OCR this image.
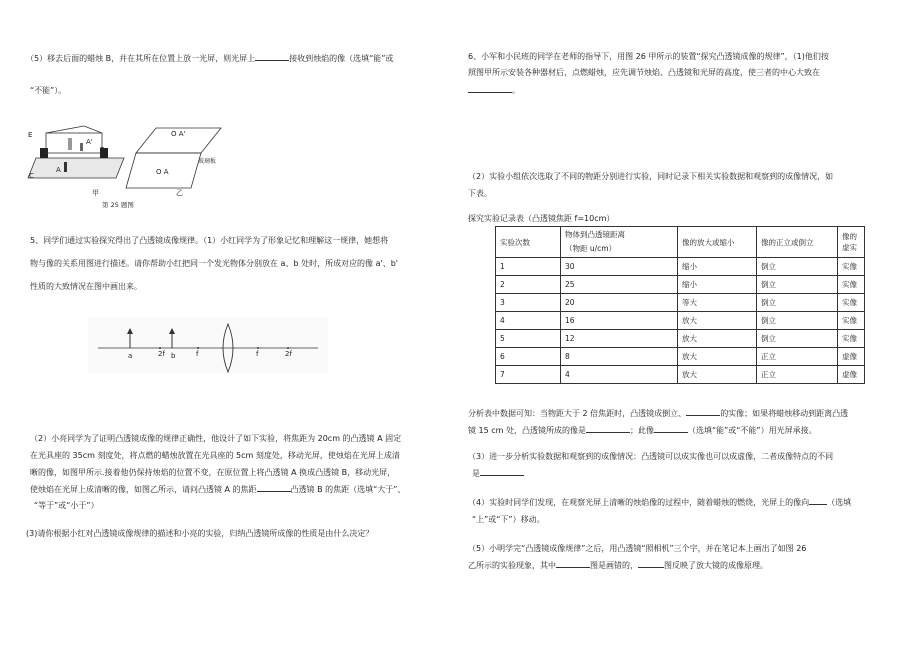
（5）移去后面的蜡烛 B，并在其所在位置上放一光屏，则光屏上	接收到烛焰的像（选填“能”或
“不能”）。
E
A'
B
A
C
O A'
O A
玻璃板
甲	乙
第 25 题图
5、同学们通过实验探究得出了凸透镜成像规律。（1）小红同学为了形象记忆和理解这一规律，她想将
物与像的关系用图进行描述。请你帮助小红把同一个发光物体分别放在 a、b 处时，所成对应的像 a'、b'
性质的大致情况在图中画出来。
a	2f b	f	f	2f
（2）小亮同学为了证明凸透镜成像的规律正确性，他设计了如下实验，将焦距为 20cm 的凸透镜 A 固定
在光具座的 35cm 刻度处，将点燃的蜡烛放置在光具座的 5cm 刻度处，移动光屏，使烛焰在光屏上成清
晰的像，如图甲所示.接着他仍保持烛焰的位置不变，在原位置上将凸透镜 A 换成凸透镜 B，移动光屏，
使烛焰在光屏上成清晰的像，如图乙所示，请问凸透镜 A 的焦距	凸透镜 B 的焦距（选填“大于”、
“等于”或“小于”）
(3)请你根据小红对凸透镜成像规律的描述和小亮的实验，归纳凸透镜所成像的性质是由什么决定？
6、小军和小民班的同学在老师的指导下，用图 26 甲所示的装置“探究凸透镜成像的规律”，（1)他们按
照图甲所示安装各种器材后，点燃蜡烛，应先调节烛焰、凸透镜和光屏的高度，使三者的中心大致在
。
（2）实验小组依次选取了不同的物距分别进行实验，同时记录下相关实验数据和观察到的成像情况，如
下表。
探究实验记录表（凸透镜焦距 f=10cm）
实验次数	物体到凸透镜距离
（物距 u/cm）	像的放大或缩小	像的正立或倒立	像的虚实
1	30	缩小	倒立	实像
2	25	缩小	倒立	实像
3	20	等大	倒立	实像
4	16	放大	倒立	实像
5	12	放大	倒立	实像
6	8	放大	正立	虚像
7	4	放大	正立	虚像
分析表中数据可知：当物距大于 2 倍焦距时，凸透镜成倒立、	的实像；如果将蜡烛移动到距离凸透
镜 15 cm 处，凸透镜所成的像是	；此像	（选填“能”或“不能”）用光屏承接。
（3）进一步分析实验数据和观察到的成像情况：凸透镜可以成实像也可以成虚像，二者成像特点的不同
是
（4）实验时同学们发现，在观察光屏上清晰的烛焰像的过程中，随着蜡烛的燃烧，光屏上的像向 （选填
“上”或“下”）移动。
（5）小明学完“凸透镜成像规律”之后，用凸透镜“照相机”三个字，并在笔记本上画出了如图 26
乙所示的实验现象，其中	图是画错的，	图反映了放大镜的成像原理。
